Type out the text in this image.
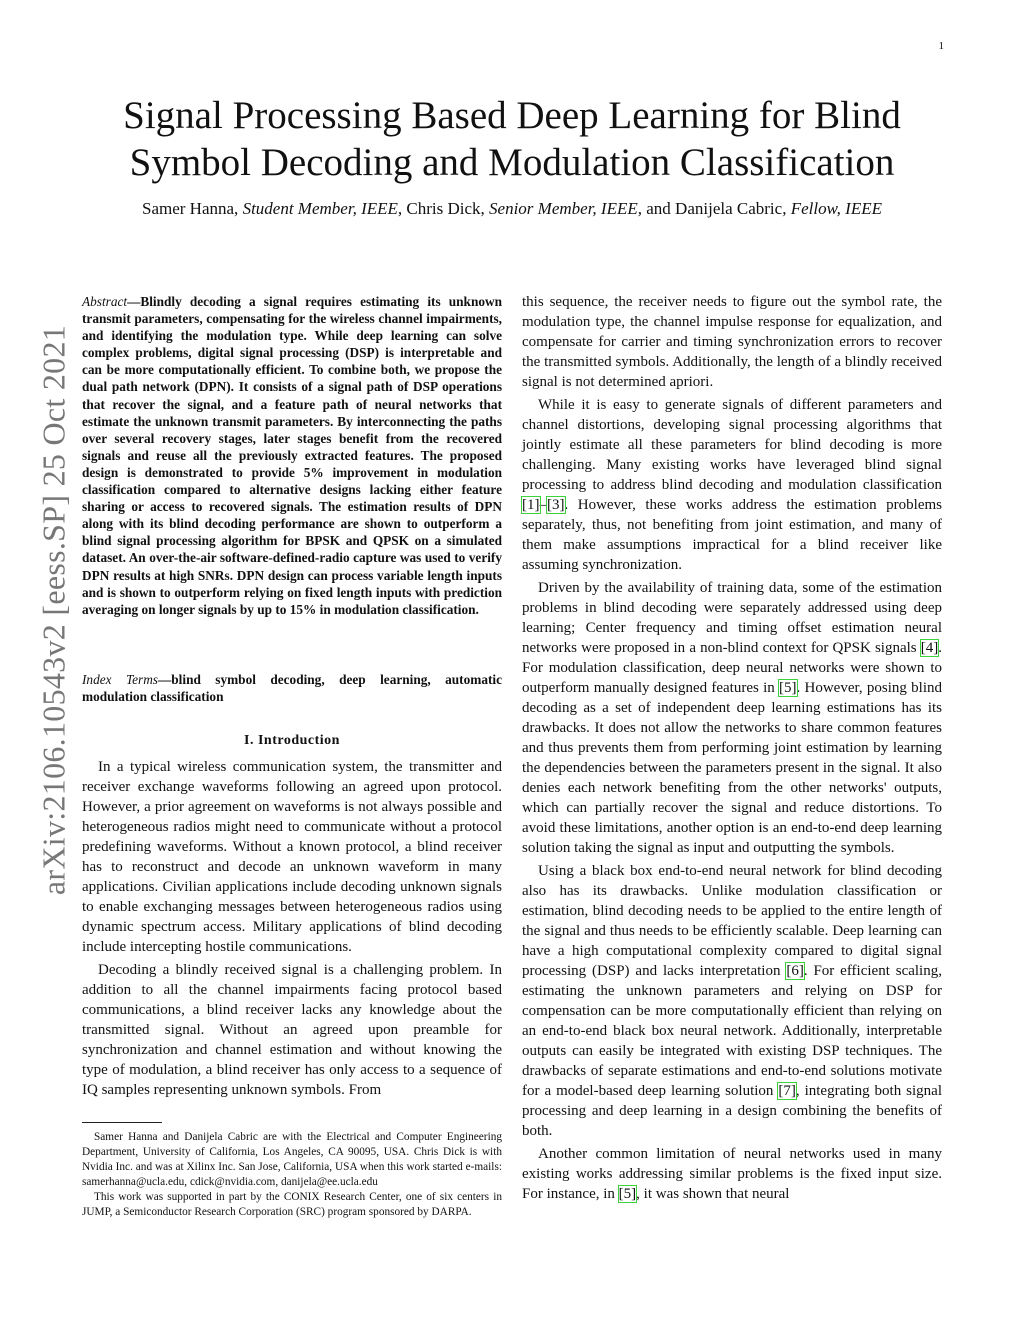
1
arXiv:2106.10543v2 [eess.SP] 25 Oct 2021
Signal Processing Based Deep Learning for Blind
Symbol Decoding and Modulation Classification
Samer Hanna, Student Member, IEEE, Chris Dick, Senior Member, IEEE, and Danijela Cabric, Fellow, IEEE

Abstract—Blindly decoding a signal requires estimating its unknown transmit parameters, compensating for the wireless channel impairments, and identifying the modulation type. While deep learning can solve complex problems, digital signal processing (DSP) is interpretable and can be more computationally efficient. To combine both, we propose the dual path network (DPN). It consists of a signal path of DSP operations that recover the signal, and a feature path of neural networks that estimate the unknown transmit parameters. By interconnecting the paths over several recovery stages, later stages benefit from the recovered signals and reuse all the previously extracted features. The proposed design is demonstrated to provide 5% improvement in modulation classification compared to alternative designs lacking either feature sharing or access to recovered signals. The estimation results of DPN along with its blind decoding performance are shown to outperform a blind signal processing algorithm for BPSK and QPSK on a simulated dataset. An over-the-air software-defined-radio capture was used to verify DPN results at high SNRs. DPN design can process variable length inputs and is shown to outperform relying on fixed length inputs with prediction averaging on longer signals by up to 15% in modulation classification.

Index Terms—blind symbol decoding, deep learning, automatic modulation classification

I. Introduction

In a typical wireless communication system, the transmitter and receiver exchange waveforms following an agreed upon protocol. However, a prior agreement on waveforms is not always possible and heterogeneous radios might need to communicate without a protocol predefining waveforms. Without a known protocol, a blind receiver has to reconstruct and decode an unknown waveform in many applications. Civilian applications include decoding unknown signals to enable exchanging messages between heterogeneous radios using dynamic spectrum access. Military applications of blind decoding include intercepting hostile communications.

Decoding a blindly received signal is a challenging problem. In addition to all the channel impairments facing protocol based communications, a blind receiver lacks any knowledge about the transmitted signal. Without an agreed upon preamble for synchronization and channel estimation and without knowing the type of modulation, a blind receiver has only access to a sequence of IQ samples representing unknown symbols. From

Samer Hanna and Danijela Cabric are with the Electrical and Computer Engineering Department, University of California, Los Angeles, CA 90095, USA. Chris Dick is with Nvidia Inc. and was at Xilinx Inc. San Jose, California, USA when this work started e-mails: samerhanna@ucla.edu, cdick@nvidia.com, danijela@ee.ucla.edu

This work was supported in part by the CONIX Research Center, one of six centers in JUMP, a Semiconductor Research Corporation (SRC) program sponsored by DARPA.

this sequence, the receiver needs to figure out the symbol rate, the modulation type, the channel impulse response for equalization, and compensate for carrier and timing synchronization errors to recover the transmitted symbols. Additionally, the length of a blindly received signal is not determined apriori.

While it is easy to generate signals of different parameters and channel distortions, developing signal processing algorithms that jointly estimate all these parameters for blind decoding is more challenging. Many existing works have leveraged blind signal processing to address blind decoding and modulation classification [1]–[3]. However, these works address the estimation problems separately, thus, not benefiting from joint estimation, and many of them make assumptions impractical for a blind receiver like assuming synchronization.

Driven by the availability of training data, some of the estimation problems in blind decoding were separately addressed using deep learning; Center frequency and timing offset estimation neural networks were proposed in a non-blind context for QPSK signals [4]. For modulation classification, deep neural networks were shown to outperform manually designed features in [5]. However, posing blind decoding as a set of independent deep learning estimations has its drawbacks. It does not allow the networks to share common features and thus prevents them from performing joint estimation by learning the dependencies between the parameters present in the signal. It also denies each network benefiting from the other networks' outputs, which can partially recover the signal and reduce distortions. To avoid these limitations, another option is an end-to-end deep learning solution taking the signal as input and outputting the symbols.

Using a black box end-to-end neural network for blind decoding also has its drawbacks. Unlike modulation classification or estimation, blind decoding needs to be applied to the entire length of the signal and thus needs to be efficiently scalable. Deep learning can have a high computational complexity compared to digital signal processing (DSP) and lacks interpretation [6]. For efficient scaling, estimating the unknown parameters and relying on DSP for compensation can be more computationally efficient than relying on an end-to-end black box neural network. Additionally, interpretable outputs can easily be integrated with existing DSP techniques. The drawbacks of separate estimations and end-to-end solutions motivate for a model-based deep learning solution [7], integrating both signal processing and deep learning in a design combining the benefits of both.

Another common limitation of neural networks used in many existing works addressing similar problems is the fixed input size. For instance, in [5], it was shown that neural
